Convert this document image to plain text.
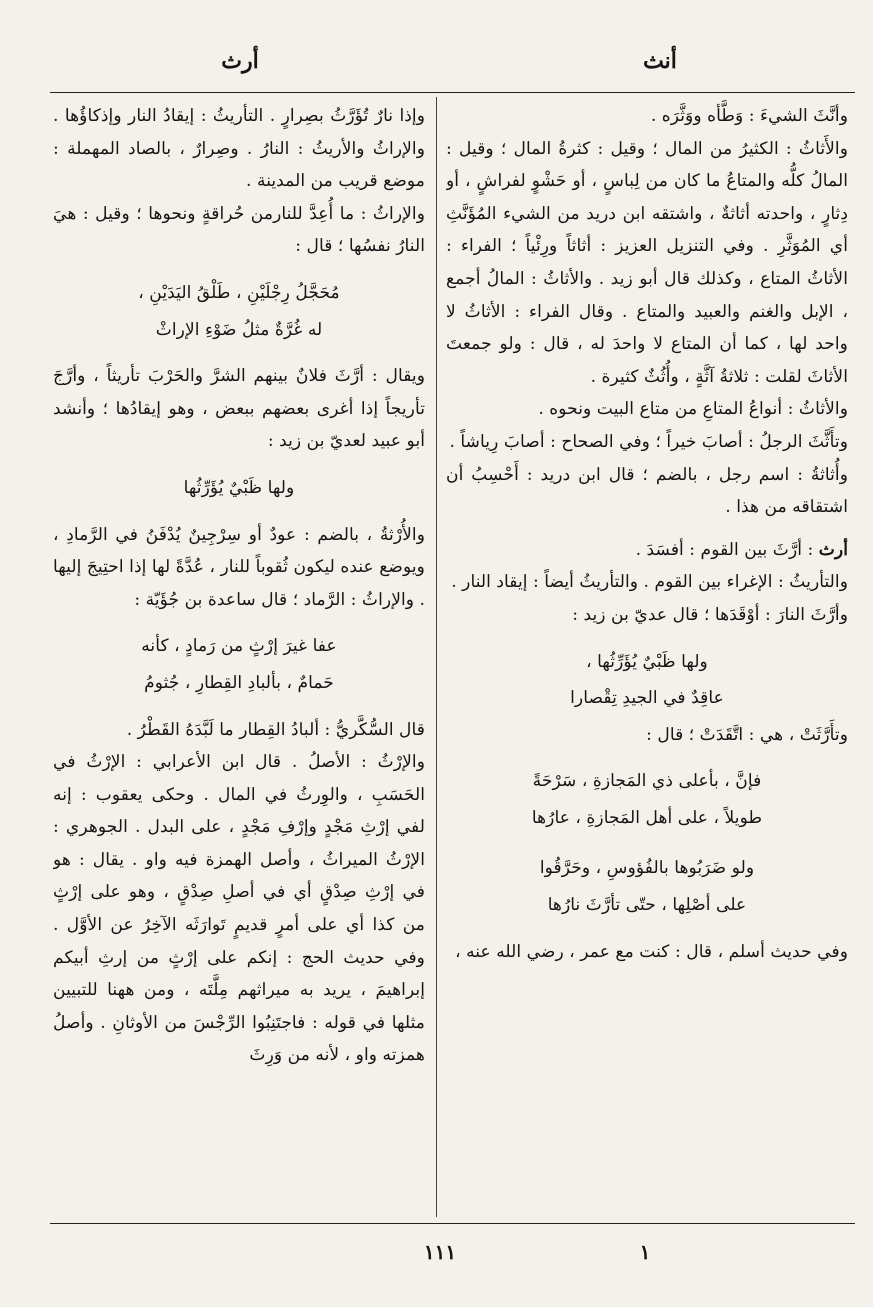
أنث
أرث

وأنَّثَ الشيءَ : وَطَّأه ووَثَّرَه .

والأَثاثُ : الكثيرُ من المال ؛ وقيل : كثرةُ المال ؛ وقيل : المالُ كلُّه والمتاعُ ما كان من لِباسٍ ، أو حَشْوٍ لفراشٍ ، أو دِثارٍ ، واحدته أثاثةٌ ، واشتقه ابن دريد من الشيء المُؤَنَّثِ أي المُوَثَّرِ . وفي التنزيل العزيز : أثاثاً ورِئْياً ؛ الفراء : الأثاثُ المتاع ، وكذلك قال أبو زيد . والأثاثُ : المالُ أجمع ، الإبل والغنم والعبيد والمتاع . وقال الفراء : الأثاثُ لا واحد لها ، كما أن المتاع لا واحدَ له ، قال : ولو جمعتَ الأثاثَ لقلت : ثلاثةُ آثَّةٍ ، وأُثُثٌ كثيرة .

والأثاثُ : أنواعُ المتاعِ من متاع البيت ونحوه .

وتأَثَّثَ الرجلُ : أصابَ خيراً ؛ وفي الصحاح : أصابَ رِياشاً .

وأُثاثةُ : اسم رجل ، بالضم ؛ قال ابن دريد : أَحْسِبُ أن اشتقاقه من هذا .

أرث : أرَّثَ بين القوم : أفسَدَ .

والتأريثُ : الإغراء بين القوم . والتأريثُ أيضاً : إيقاد النار .

وأرَّثَ النارَ : أوْقَدَها ؛ قال عديّ بن زيد :

ولها ظَبْيٌ يُؤَرِّثُها ،

عاقِدٌ في الجيدِ تِقْصارا

وتأَرَّثَتْ ، هي : اتَّقَدَتْ ؛ قال :

فإنَّ ، بأعلى ذي المَجازةِ ، سَرْحَةً

طويلاً ، على أهل المَجازةِ ، عارُها

ولو ضَرَبُوها بالفُؤوسِ ، وحَرَّقُوا

على أصْلِها ، حتّى تأرَّثَ نارُها

وفي حديث أسلم ، قال : كنت مع عمر ، رضي الله عنه ،

وإذا نارٌ تُؤَرَّثُ بصِرارٍ . التأريثُ : إيقادُ النار وإذكاؤُها . والإراثُ والأريثُ : النارُ . وصِرارٌ ، بالصاد المهملة : موضع قريب من المدينة .

والإراثُ : ما أُعِدَّ للنارمن حُراقةٍ ونحوها ؛ وقيل : هيَ النارُ نفسُها ؛ قال :

مُحَجَّلُ رِجْلَيْنِ ، طَلْقُ اليَدَيْنِ ،

له غُرَّةٌ مثلُ ضَوْءِ الإراثْ

ويقال : أرَّثَ فلانٌ بينهم الشرَّ والحَرْبَ تأريثاً ، وأرَّجَ تأريجاً إذا أغرى بعضهم ببعض ، وهو إيقادُها ؛ وأنشد أبو عبيد لعديّ بن زيد :

ولها ظَبْيٌ يُؤَرِّثُها

والأُرْثةُ ، بالضم : عودٌ أو سِرْجِينٌ يُدْفَنُ في الرَّمادِ ، ويوضع عنده ليكون ثُقوباً للنار ، عُدَّةً لها إذا احتِيجَ إليها . والإراثُ : الرَّماد ؛ قال ساعدة بن جُؤَيّة :

عفا غيرَ إرْثٍ من رَمادٍ ، كأنه

حَمامٌ ، بألبادِ القِطارِ ، جُثومُ

قال السُّكَّريُّ : ألبادُ القِطار ما لَبَّدَهُ القَطْرُ .

والإرْثُ : الأصلُ . قال ابن الأعرابي : الإرْثُ في الحَسَبِ ، والوِرثُ في المال . وحكى يعقوب : إنه لفي إرْثِ مَجْدٍ وإرْفِ مَجْدٍ ، على البدل . الجوهري : الإرْثُ الميراثُ ، وأصل الهمزة فيه واو . يقال : هو في إرْثِ صِدْقٍ أي في أصلِ صِدْقٍ ، وهو على إرْثٍ من كذا أي على أمرٍ قديمٍ تَوارَثَه الآخِرُ عن الأوَّل . وفي حديث الحج : إنكم على إرْثٍ من إرثِ أبيكم إبراهيمَ ، يريد به ميراثهم مِلَّتَه ، ومن ههنا للتبيين مثلها في قوله : فاجتَنِبُوا الرِّجْسَ من الأوثانِ . وأصلُ همزته واو ، لأنه من وَرِثَ

١١١	١
